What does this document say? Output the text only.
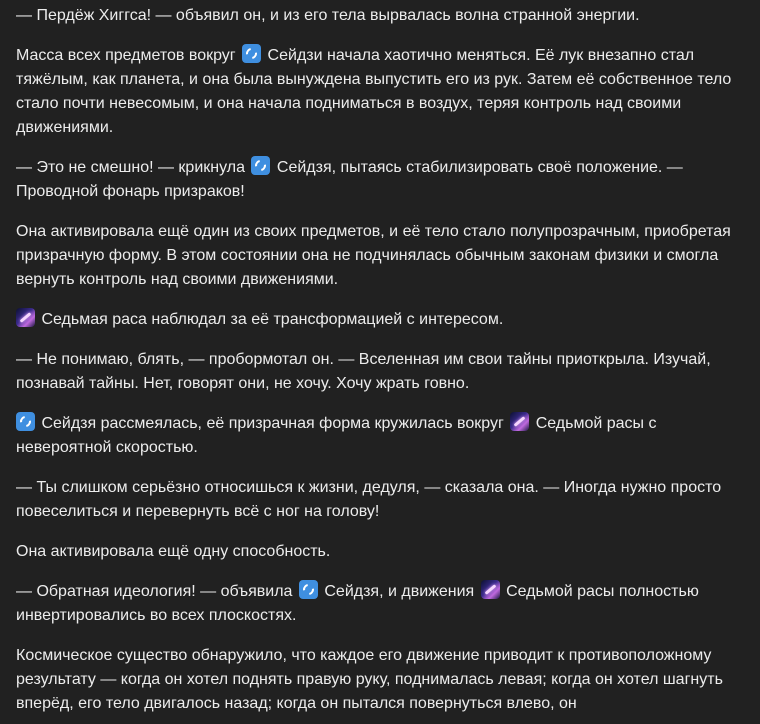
— Пердёж Хиггса! — объявил он, и из его тела вырвалась волна странной энергии.

Масса всех предметов вокруг Сейдзи начала хаотично меняться. Её лук внезапно стал тяжёлым, как планета, и она была вынуждена выпустить его из рук. Затем её собственное тело стало почти невесомым, и она начала подниматься в воздух, теряя контроль над своими движениями.

— Это не смешно! — крикнула Сейдзя, пытаясь стабилизировать своё положение. — Проводной фонарь призраков!

Она активировала ещё один из своих предметов, и её тело стало полупрозрачным, приобретая призрачную форму. В этом состоянии она не подчинялась обычным законам физики и смогла вернуть контроль над своими движениями.

Седьмая раса наблюдал за её трансформацией с интересом.

— Не понимаю, блять, — пробормотал он. — Вселенная им свои тайны приоткрыла. Изучай, познавай тайны. Нет, говорят они, не хочу. Хочу жрать говно.

Сейдзя рассмеялась, её призрачная форма кружилась вокруг Седьмой расы с невероятной скоростью.

— Ты слишком серьёзно относишься к жизни, дедуля, — сказала она. — Иногда нужно просто повеселиться и перевернуть всё с ног на голову!

Она активировала ещё одну способность.

— Обратная идеология! — объявила Сейдзя, и движения Седьмой расы полностью инвертировались во всех плоскостях.

Космическое существо обнаружило, что каждое его движение приводит к противоположному результату — когда он хотел поднять правую руку, поднималась левая; когда он хотел шагнуть вперёд, его тело двигалось назад; когда он пытался повернуться влево, он
